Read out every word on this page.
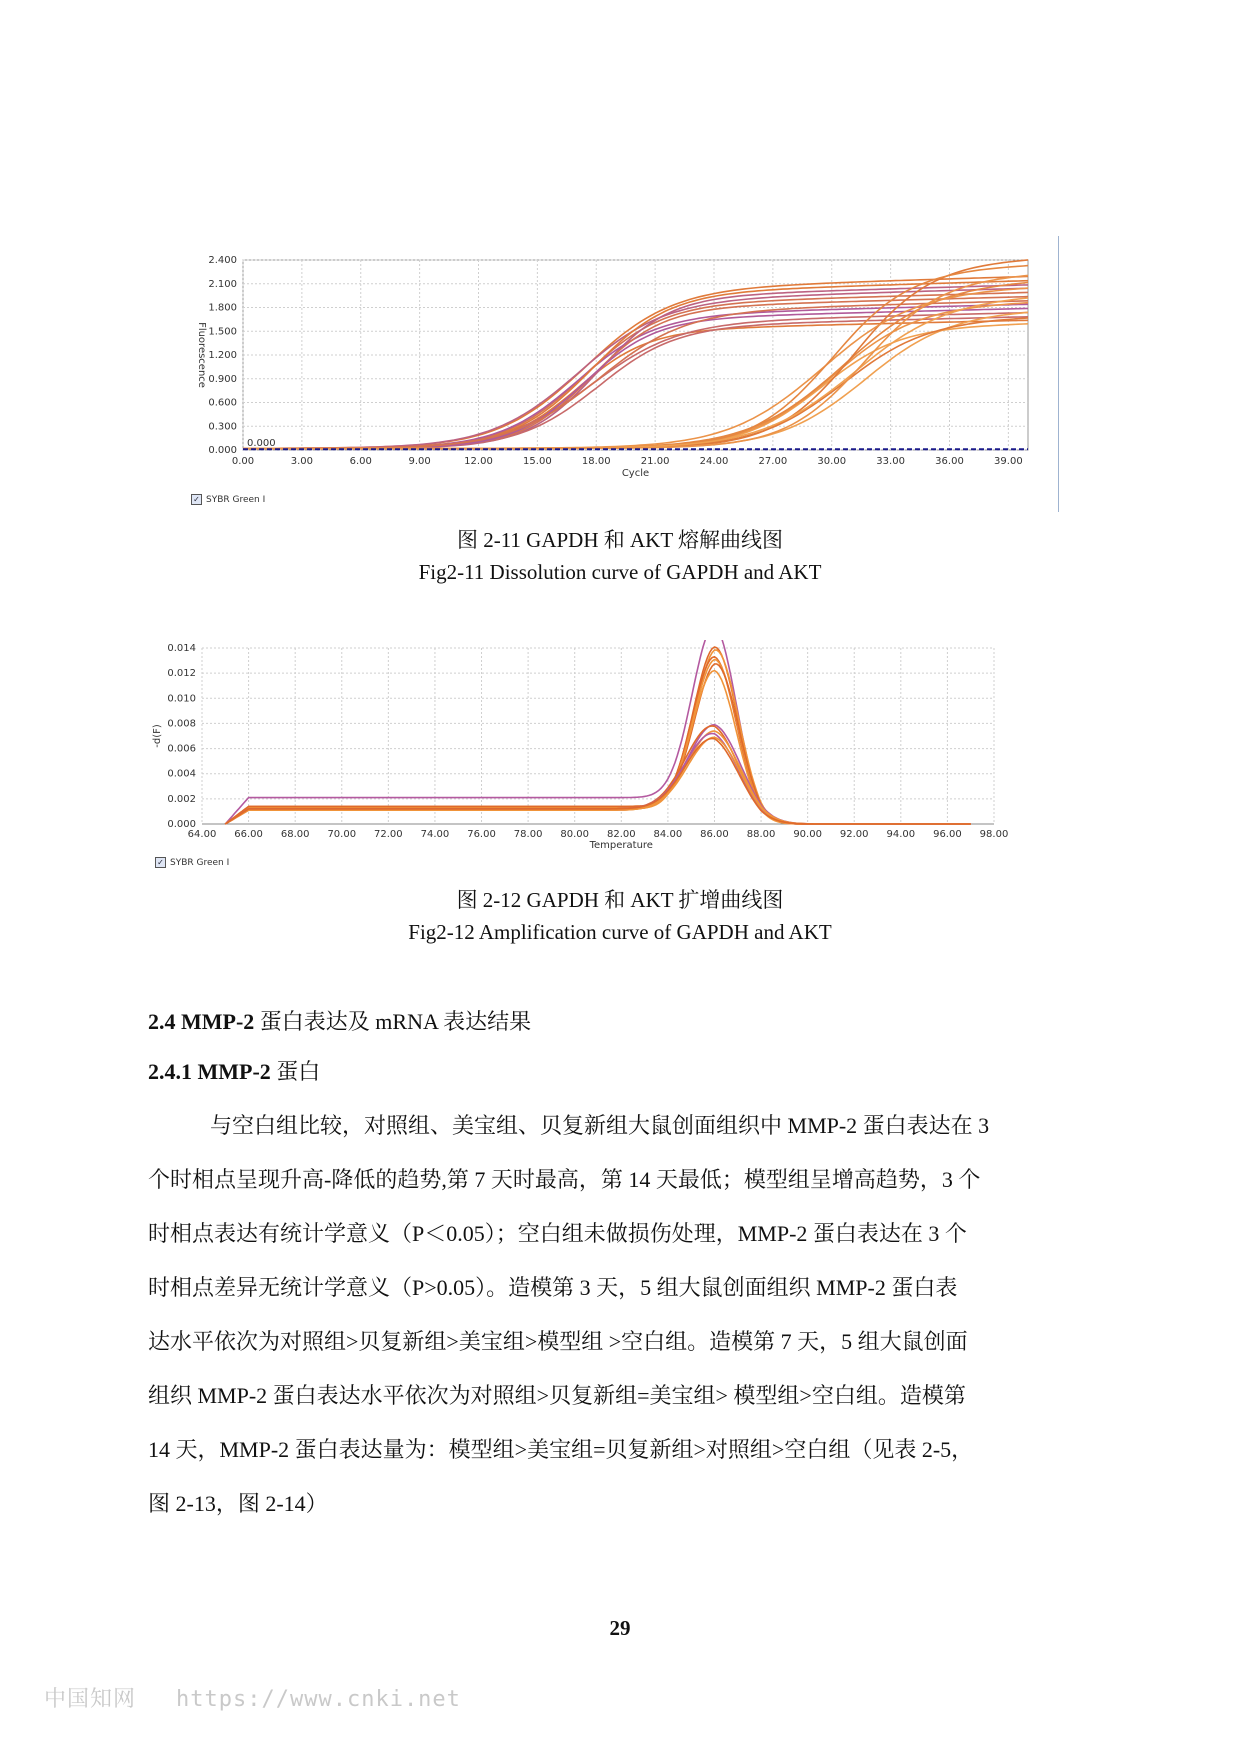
0.00	3.00	6.00	9.00	12.00	15.00	18.00	21.00	24.00	27.00	30.00	33.00	36.00	39.00
0.000
0.300
0.600
0.900
1.200
1.500
1.800
2.100
2.400
Cycle
Fluorescence
0.000
✓ SYBR Green I
图 2-11 GAPDH 和 AKT 熔解曲线图
Fig2-11 Dissolution curve of GAPDH and AKT
64.00 66.00 68.00 70.00 72.00 74.00 76.00 78.00 80.00 82.00 84.00 86.00 88.00 90.00 92.00 94.00 96.00 98.00
0.000
0.002
0.004
0.006
0.008
0.010
0.012
0.014
Temperature
-d(F)
✓ SYBR Green I
图 2-12 GAPDH 和 AKT 扩增曲线图
Fig2-12 Amplification curve of GAPDH and AKT
2.4 MMP-2 蛋白表达及 mRNA 表达结果
2.4.1 MMP-2 蛋白
与空白组比较，对照组、美宝组、贝复新组大鼠创面组织中 MMP-2 蛋白表达在 3
个时相点呈现升高-降低的趋势,第 7 天时最高，第 14 天最低；模型组呈增高趋势，3 个
时相点表达有统计学意义（P＜0.05）；空白组未做损伤处理，MMP-2 蛋白表达在 3 个
时相点差异无统计学意义（P>0.05）。造模第 3 天，5 组大鼠创面组织 MMP-2 蛋白表
达水平依次为对照组>贝复新组>美宝组>模型组 >空白组。造模第 7 天，5 组大鼠创面
组织 MMP-2 蛋白表达水平依次为对照组>贝复新组=美宝组> 模型组>空白组。造模第
14 天，MMP-2 蛋白表达量为：模型组>美宝组=贝复新组>对照组>空白组（见表 2-5，
图 2-13，图 2-14）
29
中国知网 https://www.cnki.net
